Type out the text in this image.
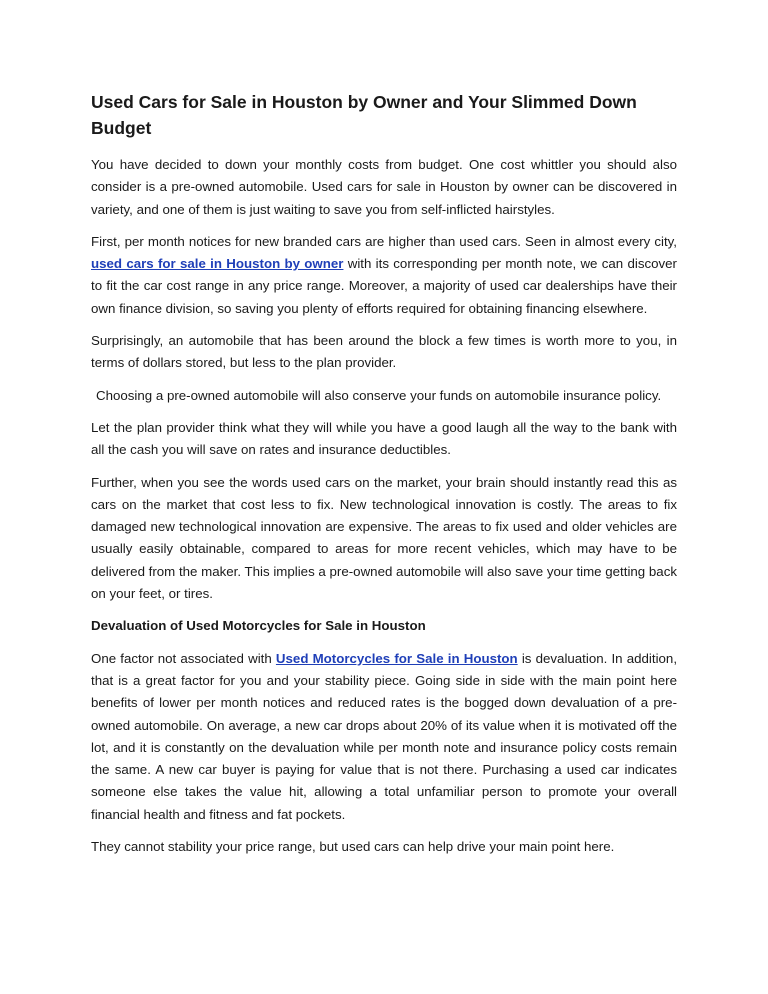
Used Cars for Sale in Houston by Owner and Your Slimmed Down Budget

You have decided to down your monthly costs from budget. One cost whittler you should also consider is a pre-owned automobile. Used cars for sale in Houston by owner can be discovered in variety, and one of them is just waiting to save you from self-inflicted hairstyles.

First, per month notices for new branded cars are higher than used cars. Seen in almost every city, used cars for sale in Houston by owner with its corresponding per month note, we can discover to fit the car cost range in any price range. Moreover, a majority of used car dealerships have their own finance division, so saving you plenty of efforts required for obtaining financing elsewhere.

Surprisingly, an automobile that has been around the block a few times is worth more to you, in terms of dollars stored, but less to the plan provider.

Choosing a pre-owned automobile will also conserve your funds on automobile insurance policy.

Let the plan provider think what they will while you have a good laugh all the way to the bank with all the cash you will save on rates and insurance deductibles.

Further, when you see the words used cars on the market, your brain should instantly read this as cars on the market that cost less to fix. New technological innovation is costly. The areas to fix damaged new technological innovation are expensive. The areas to fix used and older vehicles are usually easily obtainable, compared to areas for more recent vehicles, which may have to be delivered from the maker. This implies a pre-owned automobile will also save your time getting back on your feet, or tires.

Devaluation of Used Motorcycles for Sale in Houston

One factor not associated with Used Motorcycles for Sale in Houston is devaluation. In addition, that is a great factor for you and your stability piece. Going side in side with the main point here benefits of lower per month notices and reduced rates is the bogged down devaluation of a pre-owned automobile. On average, a new car drops about 20% of its value when it is motivated off the lot, and it is constantly on the devaluation while per month note and insurance policy costs remain the same. A new car buyer is paying for value that is not there. Purchasing a used car indicates someone else takes the value hit, allowing a total unfamiliar person to promote your overall financial health and fitness and fat pockets.

They cannot stability your price range, but used cars can help drive your main point here.
